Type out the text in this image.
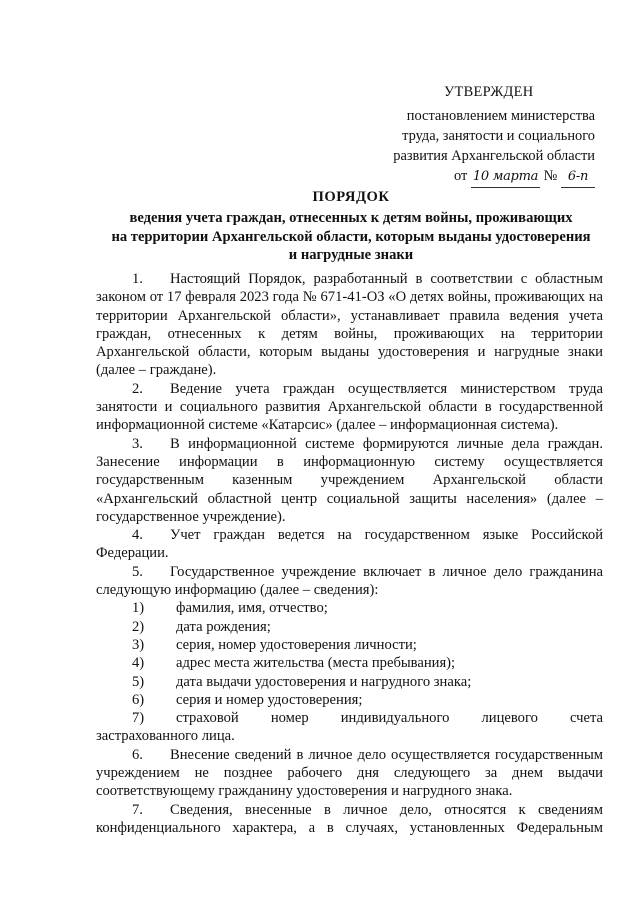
УТВЕРЖДЕН
постановлением министерства
труда, занятости и социального
развития Архангельской области
от 10 марта № 6-п
ПОРЯДОК
ведения учета граждан, отнесенных к детям войны, проживающих
на территории Архангельской области, которым выданы удостоверения
и нагрудные знаки

1. Настоящий Порядок, разработанный в соответствии с областным законом от 17 февраля 2023 года № 671-41-ОЗ «О детях войны, проживающих на территории Архангельской области», устанавливает правила ведения учета граждан, отнесенных к детям войны, проживающих на территории Архангельской области, которым выданы удостоверения и нагрудные знаки (далее – граждане).

2. Ведение учета граждан осуществляется министерством труда занятости и социального развития Архангельской области в государственной информационной системе «Катарсис» (далее – информационная система).

3. В информационной системе формируются личные дела граждан. Занесение информации в информационную систему осуществляется государственным казенным учреждением Архангельской области «Архангельский областной центр социальной защиты населения» (далее – государственное учреждение).

4. Учет граждан ведется на государственном языке Российской Федерации.

5. Государственное учреждение включает в личное дело гражданина следующую информацию (далее – сведения):

1) фамилия, имя, отчество;

2) дата рождения;

3) серия, номер удостоверения личности;

4) адрес места жительства (места пребывания);

5) дата выдачи удостоверения и нагрудного знака;

6) серия и номер удостоверения;

7) страховой номер индивидуального лицевого счета

застрахованного лица.

6. Внесение сведений в личное дело осуществляется государственным учреждением не позднее рабочего дня следующего за днем выдачи соответствующему гражданину удостоверения и нагрудного знака.

7. Сведения, внесенные в личное дело, относятся к сведениям конфиденциального характера, а в случаях, установленных Федеральным
